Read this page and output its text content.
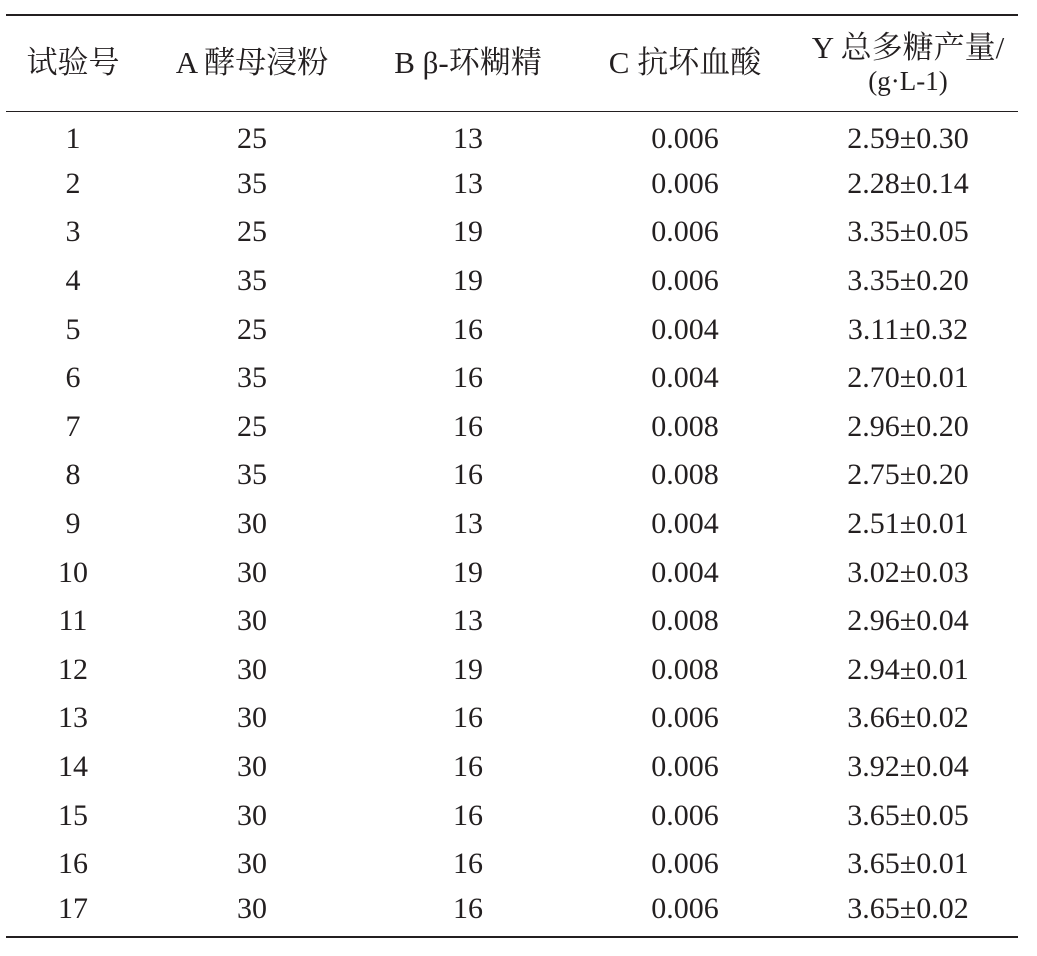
试验号	A 酵母浸粉	B β-环糊精	C 抗坏血酸	Y 总多糖产量/
(g·L-1)

1	25	13	0.006	2.59±0.30
2	35	13	0.006	2.28±0.14
3	25	19	0.006	3.35±0.05
4	35	19	0.006	3.35±0.20
5	25	16	0.004	3.11±0.32
6	35	16	0.004	2.70±0.01
7	25	16	0.008	2.96±0.20
8	35	16	0.008	2.75±0.20
9	30	13	0.004	2.51±0.01
10	30	19	0.004	3.02±0.03
11	30	13	0.008	2.96±0.04
12	30	19	0.008	2.94±0.01
13	30	16	0.006	3.66±0.02
14	30	16	0.006	3.92±0.04
15	30	16	0.006	3.65±0.05
16	30	16	0.006	3.65±0.01
17	30	16	0.006	3.65±0.02
